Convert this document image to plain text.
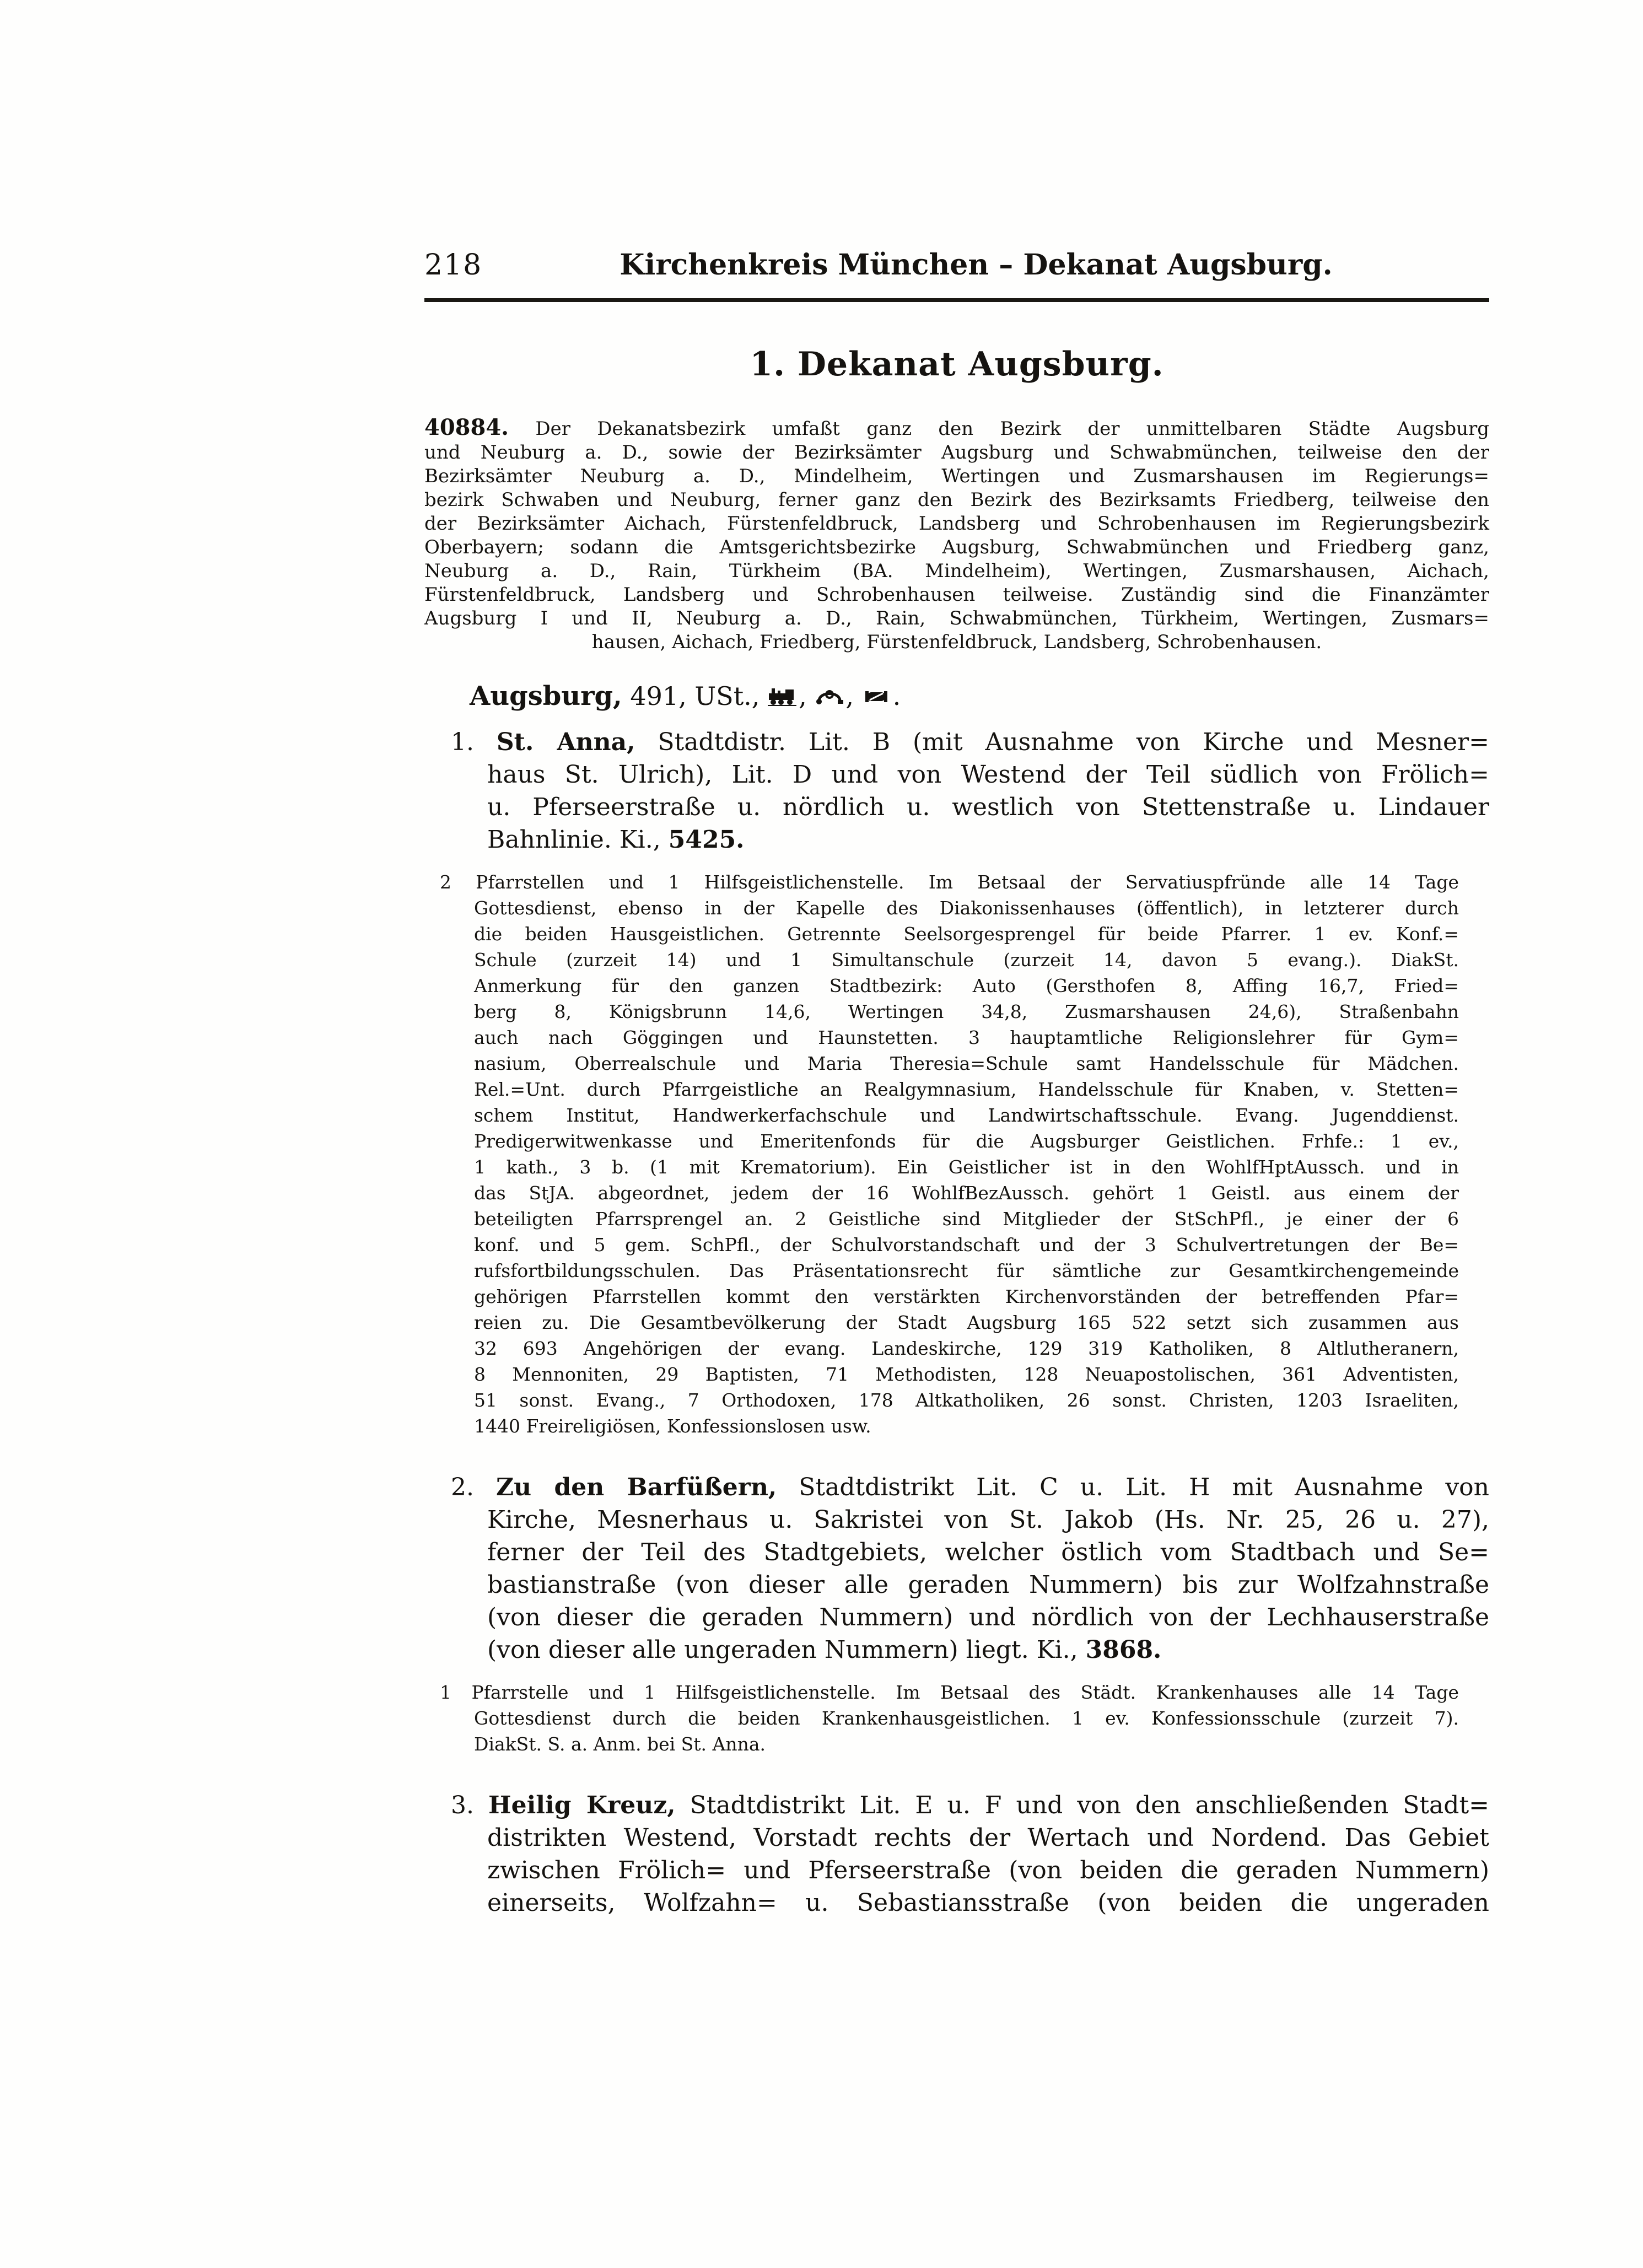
218	Kirchenkreis München – Dekanat Augsburg.
1. Dekanat Augsburg.
40884. Der Dekanatsbezirk umfaßt ganz den Bezirk der unmittelbaren Städte Augsburg
und Neuburg a. D., sowie der Bezirksämter Augsburg und Schwabmünchen, teilweise den der
Bezirksämter Neuburg a. D., Mindelheim, Wertingen und Zusmarshausen im Regierungs=
bezirk Schwaben und Neuburg, ferner ganz den Bezirk des Bezirksamts Friedberg, teilweise den
der Bezirksämter Aichach, Fürstenfeldbruck, Landsberg und Schrobenhausen im Regierungsbezirk
Oberbayern; sodann die Amtsgerichtsbezirke Augsburg, Schwabmünchen und Friedberg ganz,
Neuburg a. D., Rain, Türkheim (BA. Mindelheim), Wertingen, Zusmarshausen, Aichach,
Fürstenfeldbruck, Landsberg und Schrobenhausen teilweise. Zuständig sind die Finanzämter
Augsburg I und II, Neuburg a. D., Rain, Schwabmünchen, Türkheim, Wertingen, Zusmars=
hausen, Aichach, Friedberg, Fürstenfeldbruck, Landsberg, Schrobenhausen.
Augsburg, 491, USt., , , .
1. St. Anna, Stadtdistr. Lit. B (mit Ausnahme von Kirche und Mesner=
haus St. Ulrich), Lit. D und von Westend der Teil südlich von Frölich=
u. Pferseerstraße u. nördlich u. westlich von Stettenstraße u. Lindauer
Bahnlinie. Ki., 5425.
2 Pfarrstellen und 1 Hilfsgeistlichenstelle. Im Betsaal der Servatiuspfründe alle 14 Tage
Gottesdienst, ebenso in der Kapelle des Diakonissenhauses (öffentlich), in letzterer durch
die beiden Hausgeistlichen. Getrennte Seelsorgesprengel für beide Pfarrer. 1 ev. Konf.=
Schule (zurzeit 14) und 1 Simultanschule (zurzeit 14, davon 5 evang.). DiakSt.
Anmerkung für den ganzen Stadtbezirk: Auto (Gersthofen 8, Affing 16,7, Fried=
berg 8, Königsbrunn 14,6, Wertingen 34,8, Zusmarshausen 24,6), Straßenbahn
auch nach Göggingen und Haunstetten. 3 hauptamtliche Religionslehrer für Gym=
nasium, Oberrealschule und Maria Theresia=Schule samt Handelsschule für Mädchen.
Rel.=Unt. durch Pfarrgeistliche an Realgymnasium, Handelsschule für Knaben, v. Stetten=
schem Institut, Handwerkerfachschule und Landwirtschaftsschule. Evang. Jugenddienst.
Predigerwitwenkasse und Emeritenfonds für die Augsburger Geistlichen. Frhfe.: 1 ev.,
1 kath., 3 b. (1 mit Krematorium). Ein Geistlicher ist in den WohlfHptAussch. und in
das StJA. abgeordnet, jedem der 16 WohlfBezAussch. gehört 1 Geistl. aus einem der
beteiligten Pfarrsprengel an. 2 Geistliche sind Mitglieder der StSchPfl., je einer der 6
konf. und 5 gem. SchPfl., der Schulvorstandschaft und der 3 Schulvertretungen der Be=
rufsfortbildungsschulen. Das Präsentationsrecht für sämtliche zur Gesamtkirchengemeinde
gehörigen Pfarrstellen kommt den verstärkten Kirchenvorständen der betreffenden Pfar=
reien zu. Die Gesamtbevölkerung der Stadt Augsburg 165 522 setzt sich zusammen aus
32 693 Angehörigen der evang. Landeskirche, 129 319 Katholiken, 8 Altlutheranern,
8 Mennoniten, 29 Baptisten, 71 Methodisten, 128 Neuapostolischen, 361 Adventisten,
51 sonst. Evang., 7 Orthodoxen, 178 Altkatholiken, 26 sonst. Christen, 1203 Israeliten,
1440 Freireligiösen, Konfessionslosen usw.
2. Zu den Barfüßern, Stadtdistrikt Lit. C u. Lit. H mit Ausnahme von
Kirche, Mesnerhaus u. Sakristei von St. Jakob (Hs. Nr. 25, 26 u. 27),
ferner der Teil des Stadtgebiets, welcher östlich vom Stadtbach und Se=
bastianstraße (von dieser alle geraden Nummern) bis zur Wolfzahnstraße
(von dieser die geraden Nummern) und nördlich von der Lechhauserstraße
(von dieser alle ungeraden Nummern) liegt. Ki., 3868.
1 Pfarrstelle und 1 Hilfsgeistlichenstelle. Im Betsaal des Städt. Krankenhauses alle 14 Tage
Gottesdienst durch die beiden Krankenhausgeistlichen. 1 ev. Konfessionsschule (zurzeit 7).
DiakSt. S. a. Anm. bei St. Anna.
3. Heilig Kreuz, Stadtdistrikt Lit. E u. F und von den anschließenden Stadt=
distrikten Westend, Vorstadt rechts der Wertach und Nordend. Das Gebiet
zwischen Frölich= und Pferseerstraße (von beiden die geraden Nummern)
einerseits, Wolfzahn= u. Sebastiansstraße (von beiden die ungeraden
